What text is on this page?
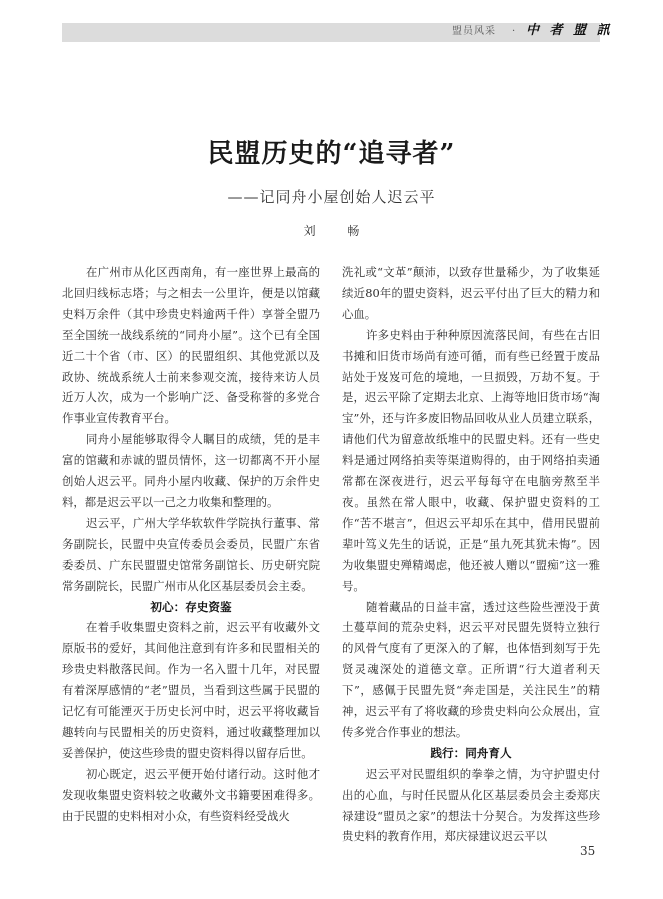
盟员风采 · 中 者 盟 訊
民盟历史的“追寻者”
——记同舟小屋创始人迟云平
刘 畅

在广州市从化区西南角，有一座世界上最高的北回归线标志塔；与之相去一公里许，便是以馆藏史料万余件（其中珍贵史料逾两千件）享誉全盟乃至全国统一战线系统的“同舟小屋”。这个已有全国近二十个省（市、区）的民盟组织、其他党派以及政协、统战系统人士前来参观交流，接待来访人员近万人次，成为一个影响广泛、备受称誉的多党合作事业宣传教育平台。

同舟小屋能够取得令人瞩目的成绩，凭的是丰富的馆藏和赤诚的盟员情怀，这一切都离不开小屋创始人迟云平。同舟小屋内收藏、保护的万余件史料，都是迟云平以一己之力收集和整理的。

迟云平，广州大学华软软件学院执行董事、常务副院长，民盟中央宣传委员会委员，民盟广东省委委员、广东民盟盟史馆常务副馆长、历史研究院常务副院长，民盟广州市从化区基层委员会主委。

初心：存史资鉴

在着手收集盟史资料之前，迟云平有收藏外文原版书的爱好，其间他注意到有许多和民盟相关的珍贵史料散落民间。作为一名入盟十几年，对民盟有着深厚感情的“老”盟员，当看到这些属于民盟的记忆有可能湮灭于历史长河中时，迟云平将收藏旨趣转向与民盟相关的历史资料，通过收藏整理加以妥善保护，使这些珍贵的盟史资料得以留存后世。

初心既定，迟云平便开始付诸行动。这时他才发现收集盟史资料较之收藏外文书籍要困难得多。由于民盟的史料相对小众，有些资料经受战火

洗礼或“文革”颠沛，以致存世量稀少，为了收集延续近80年的盟史资料，迟云平付出了巨大的精力和心血。

许多史料由于种种原因流落民间，有些在古旧书摊和旧货市场尚有迹可循，而有些已经置于废品站处于岌岌可危的境地，一旦损毁，万劫不复。于是，迟云平除了定期去北京、上海等地旧货市场“淘宝”外，还与许多废旧物品回收从业人员建立联系，请他们代为留意故纸堆中的民盟史料。还有一些史料是通过网络拍卖等渠道购得的，由于网络拍卖通常都在深夜进行，迟云平每每守在电脑旁熬至半夜。虽然在常人眼中，收藏、保护盟史资料的工作“苦不堪言”，但迟云平却乐在其中，借用民盟前辈叶笃义先生的话说，正是“虽九死其犹未悔”。因为收集盟史殚精竭虑，他还被人赠以“盟痴”这一雅号。

随着藏品的日益丰富，透过这些险些湮没于黄土蔓草间的荒杂史料，迟云平对民盟先贤特立独行的风骨气度有了更深入的了解，也体悟到刻写于先贤灵魂深处的道德文章。正所谓“行大道者利天下”，感佩于民盟先贤“奔走国是，关注民生”的精神，迟云平有了将收藏的珍贵史料向公众展出，宣传多党合作事业的想法。

践行：同舟育人

迟云平对民盟组织的拳拳之情，为守护盟史付出的心血，与时任民盟从化区基层委员会主委郑庆禄建设“盟员之家”的想法十分契合。为发挥这些珍贵史料的教育作用，郑庆禄建议迟云平以

35
